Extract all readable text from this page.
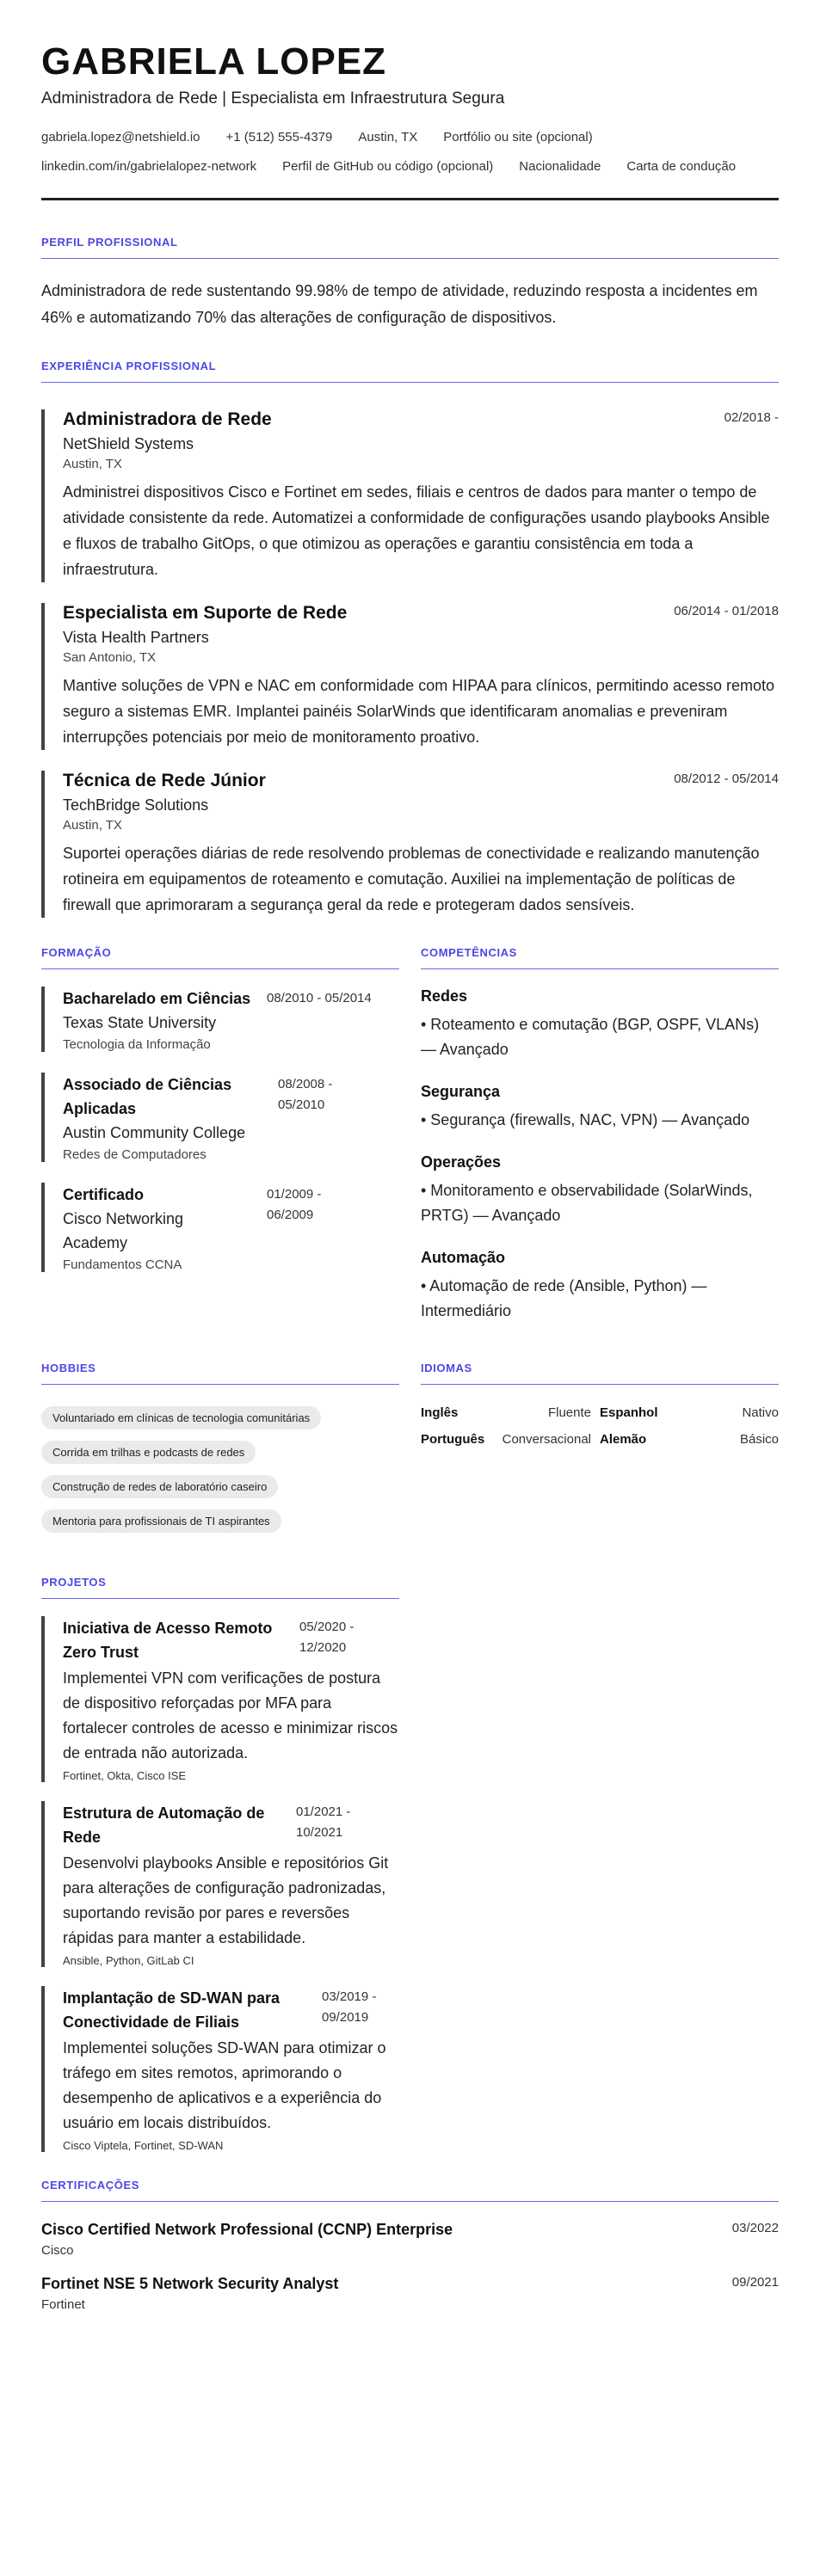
GABRIELA LOPEZ
Administradora de Rede | Especialista em Infraestrutura Segura
gabriela.lopez@netshield.io +1 (512) 555-4379 Austin, TX Portfólio ou site (opcional)
linkedin.com/in/gabrielalopez-network Perfil de GitHub ou código (opcional) Nacionalidade Carta de condução
PERFIL PROFISSIONAL
Administradora de rede sustentando 99.98% de tempo de atividade, reduzindo resposta a incidentes em 46% e automatizando 70% das alterações de configuração de dispositivos.
EXPERIÊNCIA PROFISSIONAL
Administradora de Rede	02/2018 -
NetShield Systems
Austin, TX
Administrei dispositivos Cisco e Fortinet em sedes, filiais e centros de dados para manter o tempo de atividade consistente da rede. Automatizei a conformidade de configurações usando playbooks Ansible e fluxos de trabalho GitOps, o que otimizou as operações e garantiu consistência em toda a infraestrutura.
Especialista em Suporte de Rede	06/2014 - 01/2018
Vista Health Partners
San Antonio, TX
Mantive soluções de VPN e NAC em conformidade com HIPAA para clínicos, permitindo acesso remoto seguro a sistemas EMR. Implantei painéis SolarWinds que identificaram anomalias e preveniram interrupções potenciais por meio de monitoramento proativo.
Técnica de Rede Júnior	08/2012 - 05/2014
TechBridge Solutions
Austin, TX
Suportei operações diárias de rede resolvendo problemas de conectividade e realizando manutenção rotineira em equipamentos de roteamento e comutação. Auxiliei na implementação de políticas de firewall que aprimoraram a segurança geral da rede e protegeram dados sensíveis.
FORMAÇÃO
Bacharelado em Ciências	08/2010 - 05/2014
Texas State University
Tecnologia da Informação
Associado de Ciências Aplicadas
08/2008 - 05/2010
Austin Community College
Redes de Computadores
Certificado	01/2009 - 06/2009
Cisco Networking Academy
Fundamentos CCNA
COMPETÊNCIAS
Redes
• Roteamento e comutação (BGP, OSPF, VLANs) — Avançado
Segurança
• Segurança (firewalls, NAC, VPN) — Avançado
Operações
• Monitoramento e observabilidade (SolarWinds, PRTG) — Avançado
Automação
• Automação de rede (Ansible, Python) — Intermediário
HOBBIES
Voluntariado em clínicas de tecnologia comunitárias
Corrida em trilhas e podcasts de redes
Construção de redes de laboratório caseiro
Mentoria para profissionais de TI aspirantes
IDIOMAS
Inglês	Fluente Espanhol	Nativo
Português Conversacional Alemão	Básico
PROJETOS
Iniciativa de Acesso Remoto Zero Trust
05/2020 - 12/2020
Implementei VPN com verificações de postura de dispositivo reforçadas por MFA para fortalecer controles de acesso e minimizar riscos de entrada não autorizada.
Fortinet, Okta, Cisco ISE
Estrutura de Automação de Rede
01/2021 - 10/2021
Desenvolvi playbooks Ansible e repositórios Git para alterações de configuração padronizadas, suportando revisão por pares e reversões rápidas para manter a estabilidade.
Ansible, Python, GitLab CI
Implantação de SD-WAN para Conectividade de Filiais
03/2019 - 09/2019
Implementei soluções SD-WAN para otimizar o tráfego em sites remotos, aprimorando o desempenho de aplicativos e a experiência do usuário em locais distribuídos.
Cisco Viptela, Fortinet, SD-WAN
CERTIFICAÇÕES
Cisco Certified Network Professional (CCNP) Enterprise	03/2022
Cisco
Fortinet NSE 5 Network Security Analyst	09/2021
Fortinet
